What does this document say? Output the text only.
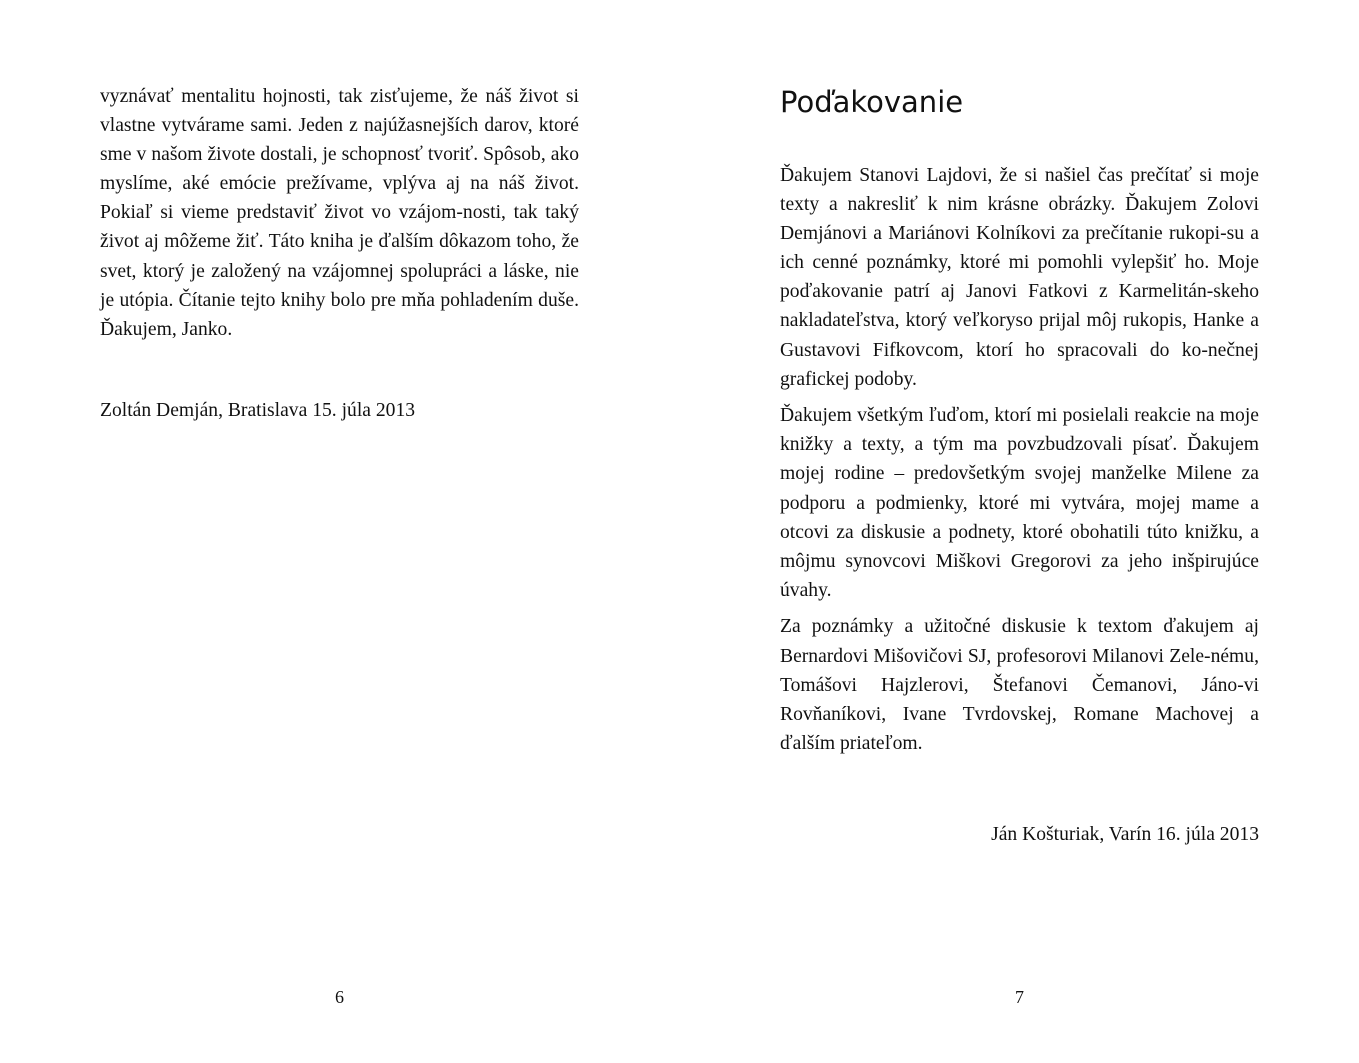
vyznávať mentalitu hojnosti, tak zisťujeme, že náš život si vlastne vytvárame sami. Jeden z najúžasnejších darov, ktoré sme v našom živote dostali, je schopnosť tvoriť. Spôsob, ako myslíme, aké emócie prežívame, vplýva aj na náš život. Pokiaľ si vieme predstaviť život vo vzájom-nosti, tak taký život aj môžeme žiť. Táto kniha je ďalším dôkazom toho, že svet, ktorý je založený na vzájomnej spolupráci a láske, nie je utópia. Čítanie tejto knihy bolo pre mňa pohladením duše. Ďakujem, Janko.

Zoltán Demján, Bratislava 15. júla 2013
6
Poďakovanie

Ďakujem Stanovi Lajdovi, že si našiel čas prečítať si moje texty a nakresliť k nim krásne obrázky. Ďakujem Zolovi Demjánovi a Mariánovi Kolníkovi za prečítanie rukopi-su a ich cenné poznámky, ktoré mi pomohli vylepšiť ho. Moje poďakovanie patrí aj Janovi Fatkovi z Karmelitán-skeho nakladateľstva, ktorý veľkoryso prijal môj rukopis, Hanke a Gustavovi Fifkovcom, ktorí ho spracovali do ko-nečnej grafickej podoby.

Ďakujem všetkým ľuďom, ktorí mi posielali reakcie na moje knižky a texty, a tým ma povzbudzovali písať. Ďakujem mojej rodine – predovšetkým svojej manželke Milene za podporu a podmienky, ktoré mi vytvára, mojej mame a otcovi za diskusie a podnety, ktoré obohatili túto knižku, a môjmu synovcovi Miškovi Gregorovi za jeho inšpirujúce úvahy.

Za poznámky a užitočné diskusie k textom ďakujem aj Bernardovi Mišovičovi SJ, profesorovi Milanovi Zele-nému, Tomášovi Hajzlerovi, Štefanovi Čemanovi, Jáno-vi Rovňaníkovi, Ivane Tvrdovskej, Romane Machovej a ďalším priateľom.

Ján Košturiak, Varín 16. júla 2013
7
